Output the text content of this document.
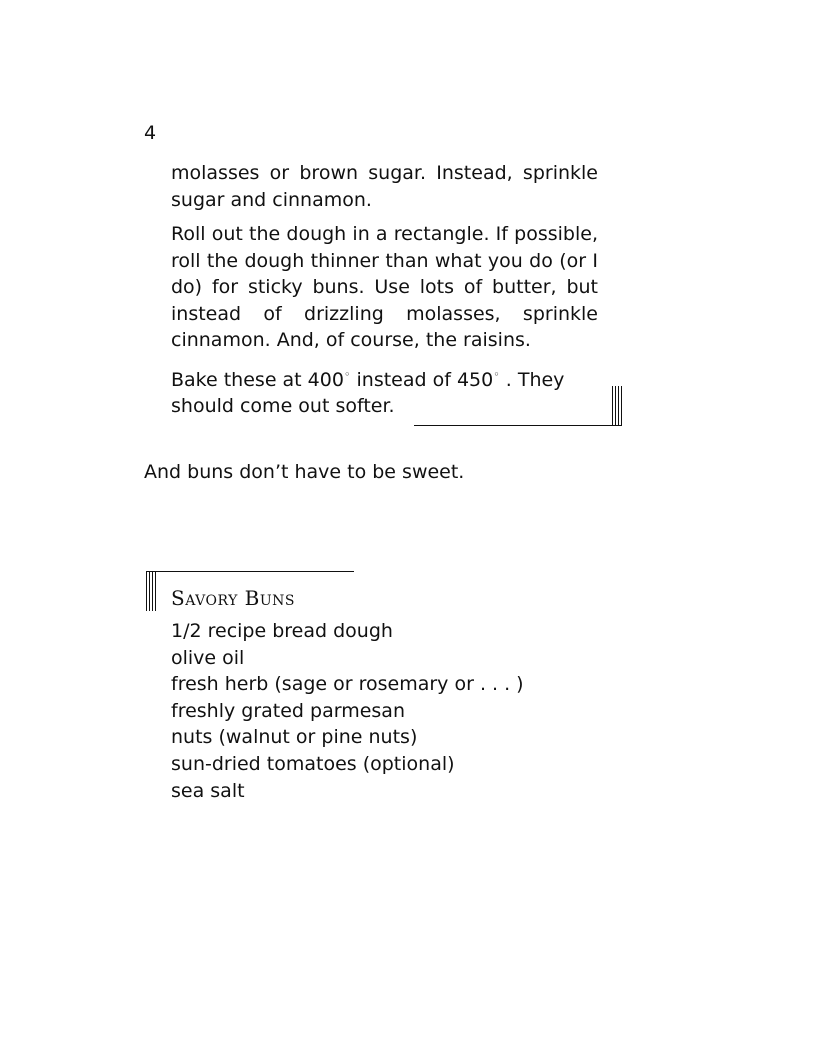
4

molasses or brown sugar. Instead, sprinkle sugar and cinnamon.

Roll out the dough in a rectangle. If possible, roll the dough thinner than what you do (or I do) for sticky buns. Use lots of butter, but instead of drizzling molasses, sprinkle cinnamon. And, of course, the raisins.

Bake these at 400◦ instead of 450◦ . They should come out softer.

And buns don’t have to be sweet.

Savory Buns
1/2 recipe bread dough
olive oil
fresh herb (sage or rosemary or . . . )
freshly grated parmesan
nuts (walnut or pine nuts)
sun-dried tomatoes (optional)
sea salt
